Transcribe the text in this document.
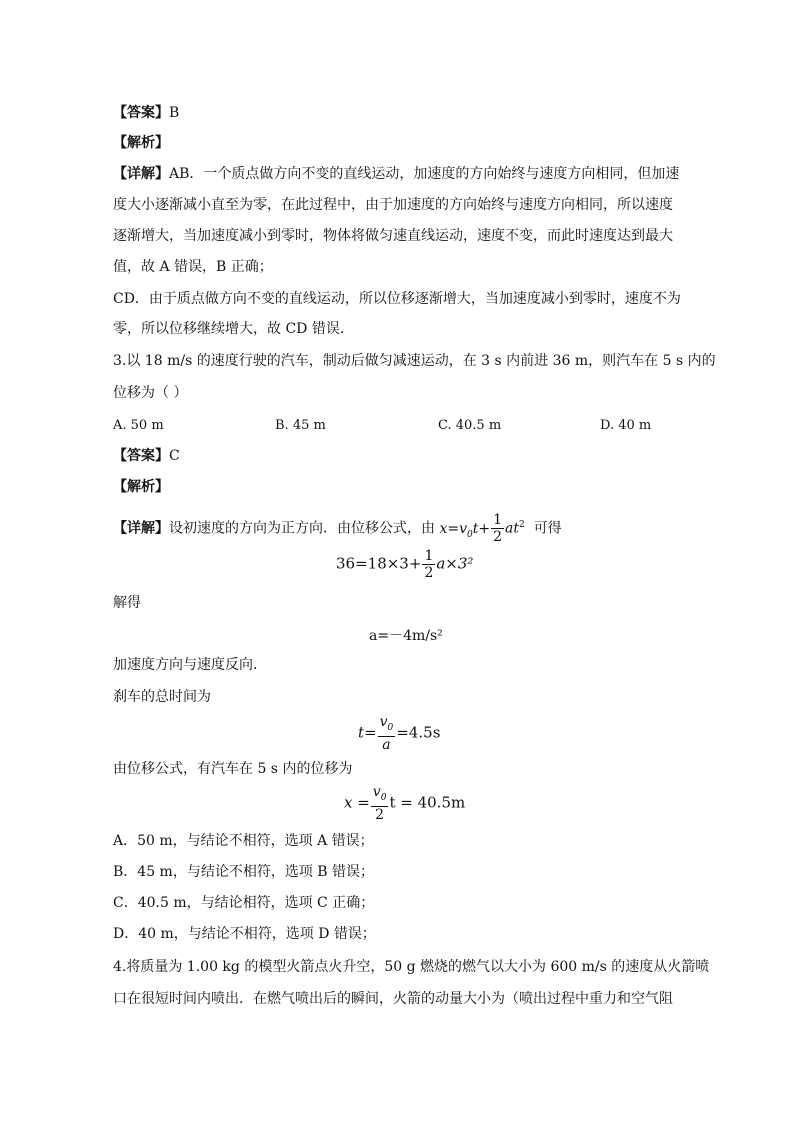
【答案】B
【解析】
【详解】AB．一个质点做方向不变的直线运动，加速度的方向始终与速度方向相同，但加速
度大小逐渐减小直至为零，在此过程中，由于加速度的方向始终与速度方向相同，所以速度
逐渐增大，当加速度减小到零时，物体将做匀速直线运动，速度不变，而此时速度达到最大
值，故 A 错误，B 正确；
CD．由于质点做方向不变的直线运动，所以位移逐渐增大，当加速度减小到零时，速度不为
零，所以位移继续增大，故 CD 错误．
3.以 18 m/s 的速度行驶的汽车，制动后做匀减速运动，在 3 s 内前进 36 m，则汽车在 5 s 内的
位移为（ ）
A. 50 m	B. 45 m	C. 40.5 m	D. 40 m
【答案】C
【解析】
【详解】设初速度的方向为正方向．由位移公式，由 $x=v_0t+ \frac{1}{2} at^2$ 可得
$36=18\times 3+ \frac{1}{2} a\times 3^2$
解得
a=－4m/s²
加速度方向与速度反向．
刹车的总时间为
$t= \frac{v_0}{a} =4.5s$
由位移公式，有汽车在 5 s 内的位移为
$x = \frac{v_0}{2}$ t = 40.5m
A．50 m，与结论不相符，选项 A 错误；
B．45 m，与结论不相符，选项 B 错误；
C．40.5 m，与结论相符，选项 C 正确；
D．40 m，与结论不相符，选项 D 错误；
4.将质量为 1.00 kg 的模型火箭点火升空，50 g 燃烧的燃气以大小为 600 m/s 的速度从火箭喷
口在很短时间内喷出．在燃气喷出后的瞬间，火箭的动量大小为（喷出过程中重力和空气阻
